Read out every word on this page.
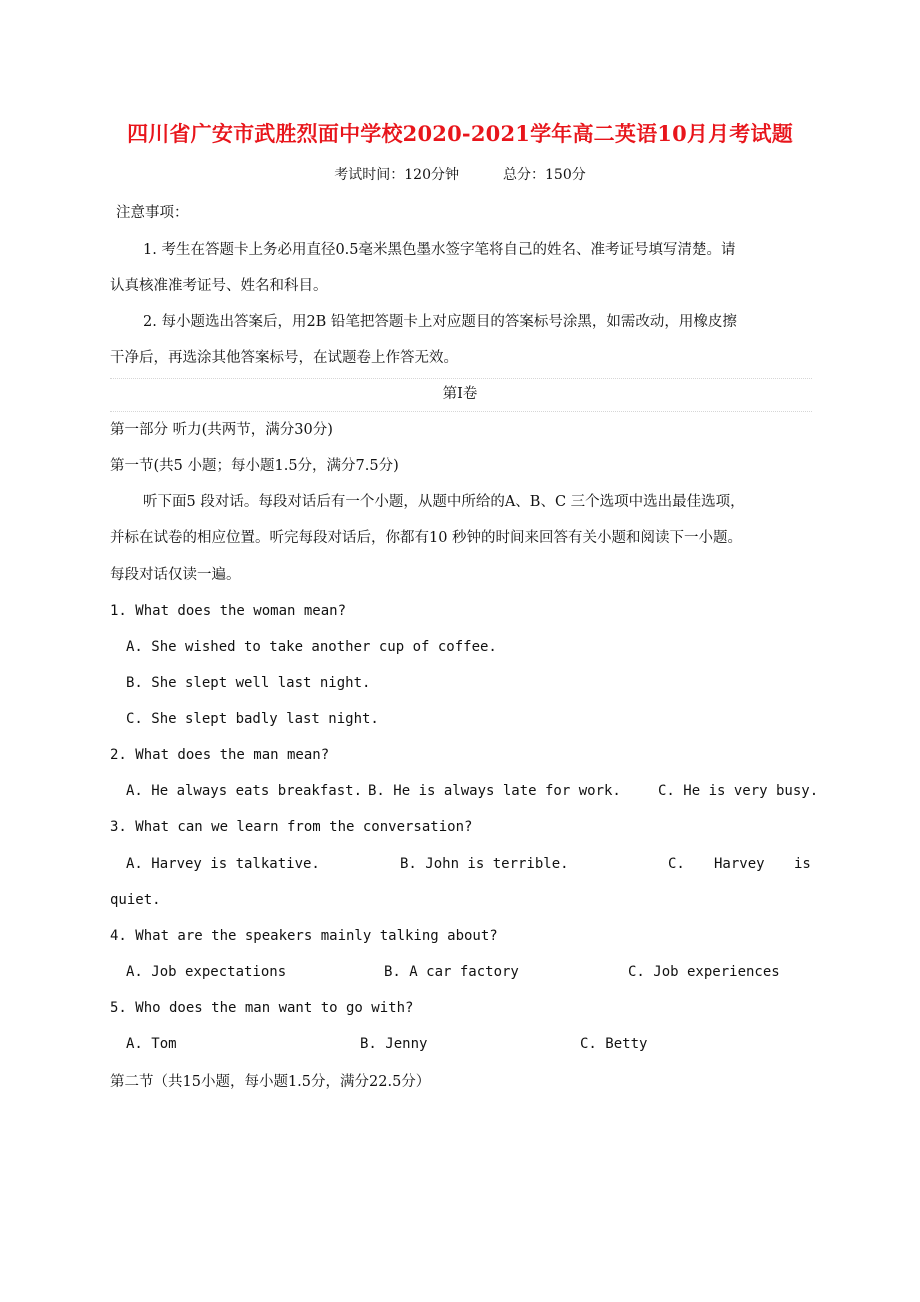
四川省广安市武胜烈面中学校2020-2021学年高二英语10月月考试题
考试时间：120分钟	总分：150分
注意事项：
1. 考生在答题卡上务必用直径0.5毫米黑色墨水签字笔将自己的姓名、准考证号填写清楚。请
认真核准准考证号、姓名和科目。
2. 每小题选出答案后，用2B 铅笔把答题卡上对应题目的答案标号涂黑，如需改动，用橡皮擦
干净后，再选涂其他答案标号，在试题卷上作答无效。
第I卷
第一部分 听力(共两节，满分30分)
第一节(共5 小题；每小题1.5分，满分7.5分)
听下面5 段对话。每段对话后有一个小题，从题中所给的A、B、C 三个选项中选出最佳选项，
并标在试卷的相应位置。听完每段对话后，你都有10 秒钟的时间来回答有关小题和阅读下一小题。
每段对话仅读一遍。
1. What does the woman mean?
A. She wished to take another cup of coffee.
B. She slept well last night.
C. She slept badly last night.
2. What does the man mean?
A. He always eats breakfast. B. He is always late for work.	C. He is very busy.
3. What can we learn from the conversation?
A. Harvey is talkative.	B. John is terrible.	C. Harvey is
quiet.
4. What are the speakers mainly talking about?
A. Job expectations	B. A car factory	C. Job experiences
5. Who does the man want to go with?
A. Tom	B. Jenny	C. Betty
第二节（共15小题，每小题1.5分，满分22.5分）
